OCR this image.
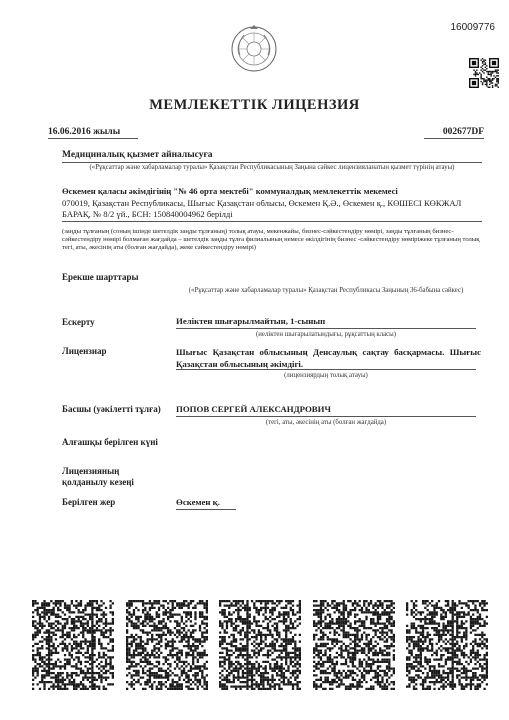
16009776
МЕМЛЕКЕТТІК ЛИЦЕНЗИЯ
16.06.2016 жылы	002677DF
Медициналық қызмет айналысуға
(«Рұқсаттар және хабарламалар туралы» Қазақстан Республикасының Заңына сәйкес лицензияланатын қызмет түрінің атауы)
Өскемен қаласы әкімдігінің "№ 46 орта мектебі" коммуналдық мемлекеттік мекемесі
070019, Қазақстан Республикасы, Шығыс Қазақстан облысы, Өскемен Қ.Ә., Өскемен қ., КӨШЕСІ КӨКЖАЛ БАРАҚ, № 8/2 үй., БСН: 150840004962 берілді
(заңды тұлғаның (соның ішінде шетелдік заңды тұлғаның) толық атауы, мекенжайы, бизнес-сәйкестендіру нөмірі, заңды тұлғаның бизнес-сәйкестендіру нөмірі болмаған жағдайда – шетелдік заңды тұлға филиалының немесе өкілдігінің бизнес -сәйкестендіру нөміріжеке тұлғаның толық тегі, аты, әкесінің аты (болған жағдайда), жеке сәйкестендіру нөмірі)
Ерекше шарттары
(«Рұқсаттар және хабарламалар туралы» Қазақстан Республикасы Заңының 36-бабына сәйкес)
Ескерту	Иеліктен шығарылмайтын, 1-сынып
(иеліктен шығарылатындығы, рұқсаттың класы)
Лицензиар	Шығыс Қазақстан облысының Денсаулық сақтау басқармасы. Шығыс Қазақстан облысының әкімдігі.
(лицензиярдың толық атауы)
Басшы (уәкілетті тұлға) ПОПОВ СЕРГЕЙ АЛЕКСАНДРОВИЧ
(тегі, аты, әкесінің аты (болған жағдайда)
Алғашқы берілген күні
Лицензияның
қолданылу кезеңі
Берілген жер	Өскемен қ.
